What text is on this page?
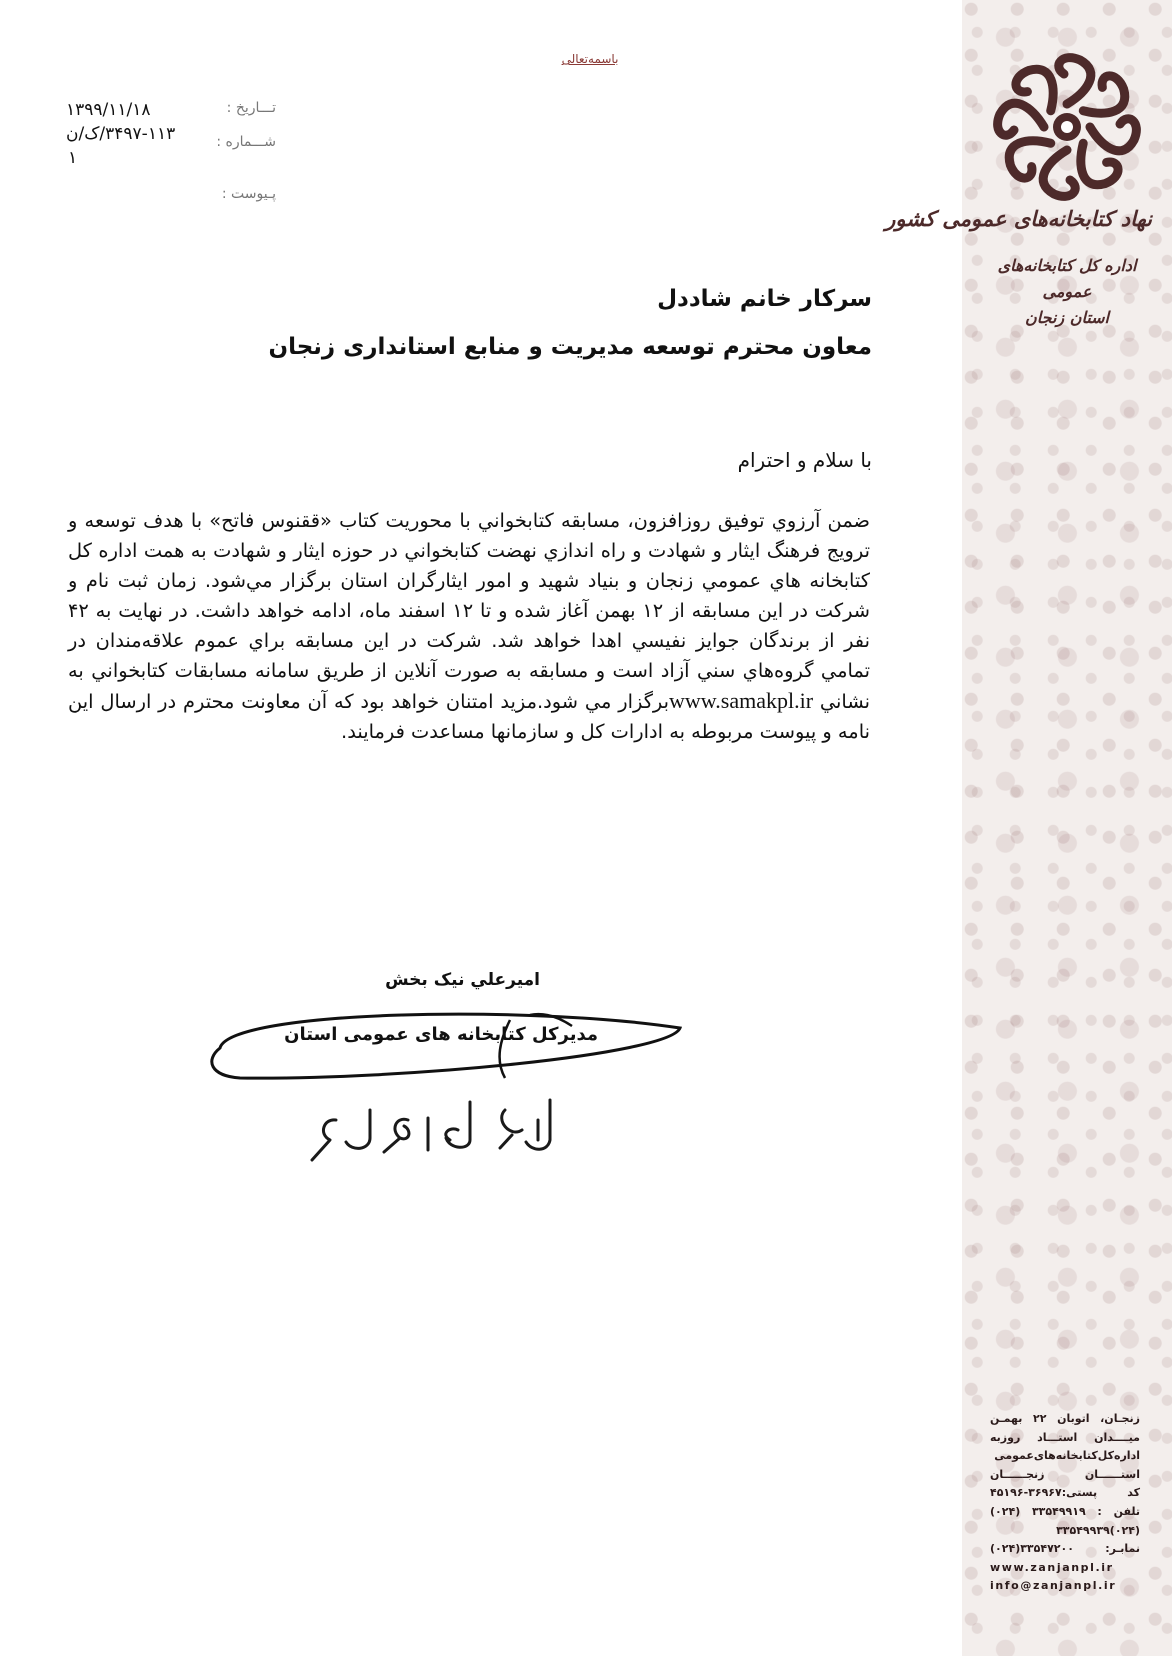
نهاد کتابخانه‌های عمومی کشور
اداره کل کتابخانه‌های عمومی
استان زنجان
زنجـان، اتوبان ۲۲ بهمـن
میــــدان استـــاد روزبه
اداره‌کل‌کتابخانه‌های‌عمومی
استــــــان زنجــــــان
کد پستی:۳۶۹۶۷-۴۵۱۹۶
تلفن : ۳۳۵۴۹۹۱۹ (۰۲۴)
(۰۲۴)۳۳۵۴۹۹۳۹
نمابـر: ۳۳۵۴۷۲۰۰(۰۲۴)
www.zanjanpl.ir
info@zanjanpl.ir
باسمه‌تعالی
تـــاریخ :
۱۳۹۹/۱۱/۱۸
شـــماره :
۳۴۹۷-۱۱۳/ک/ن
۱
پـیوست :
سرکار خانم شاددل
معاون محترم توسعه مدیریت و منابع استانداری زنجان
با سلام و احترام
ضمن آرزوي توفيق روزافزون، مسابقه کتابخواني با محوريت کتاب «ققنوس فاتح» با هدف توسعه و ترويج فرهنگ ايثار و شهادت و راه اندازي نهضت کتابخواني در حوزه ايثار و شهادت به همت اداره کل کتابخانه هاي عمومي زنجان و بنياد شهيد و امور ايثارگران استان برگزار مي‌شود. زمان ثبت نام و شرکت در اين مسابقه از ۱۲ بهمن آغاز شده و تا ۱۲ اسفند ماه، ادامه خواهد داشت. در نهايت به ۴۲ نفر از برندگان جوايز نفيسي اهدا خواهد شد. شرکت در اين مسابقه براي عموم علاقه‌مندان در تمامي گروه‌هاي سني آزاد است و مسابقه به صورت آنلاين از طريق سامانه مسابقات کتابخواني به نشاني www.samakpl.irبرگزار مي شود.مزید امتنان خواهد بود که آن معاونت محترم در ارسال این نامه و پیوست مربوطه به ادارات کل و سازمانها مساعدت فرمایند.
اميرعلي نيک بخش
مدیرکل کتابخانه های عمومی استان
